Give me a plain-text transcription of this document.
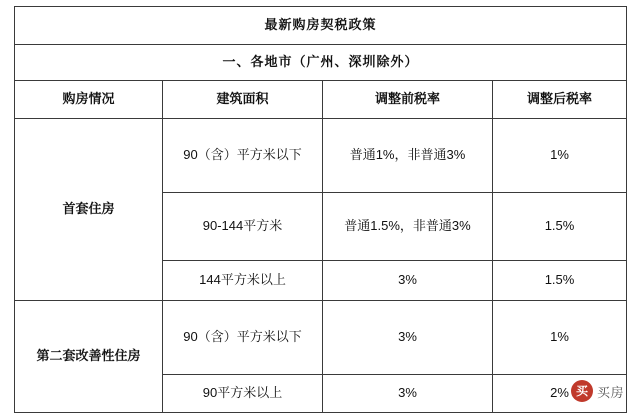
最新购房契税政策			
一、各地市（广州、深圳除外）			
购房情况	建筑面积	调整前税率	调整后税率
首套住房	90（含）平方米以下	普通1%，非普通3%	1%
	90-144平方米	普通1.5%，非普通3%	1.5%
	144平方米以上	3%	1.5%
第二套改善性住房	90（含）平方米以下	3%	1%
	90平方米以上	3%	2% 买 买房
